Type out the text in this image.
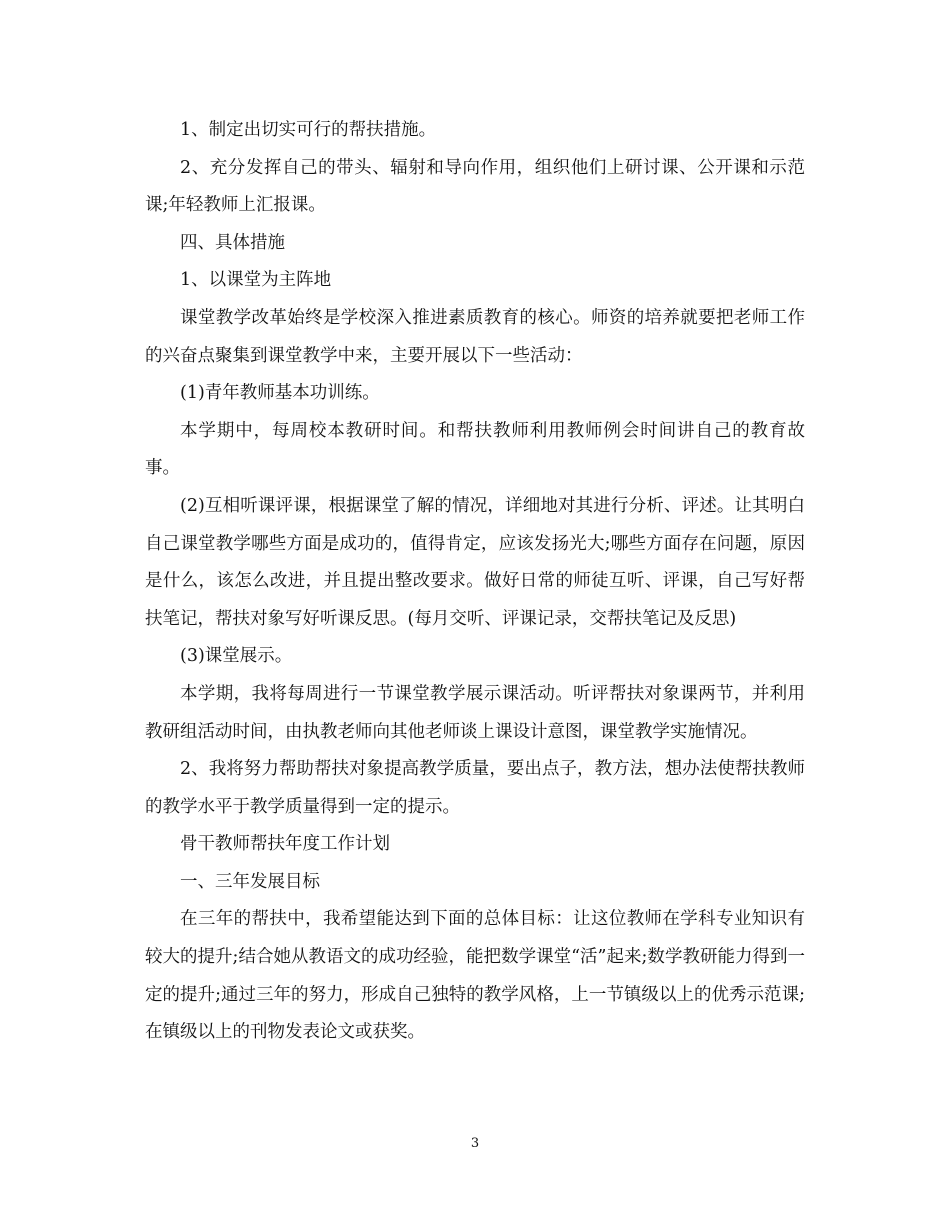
1、制定出切实可行的帮扶措施。

2、充分发挥自己的带头、辐射和导向作用，组织他们上研讨课、公开课和示范课;年轻教师上汇报课。

四、具体措施

1、以课堂为主阵地

课堂教学改革始终是学校深入推进素质教育的核心。师资的培养就要把老师工作的兴奋点聚集到课堂教学中来，主要开展以下一些活动：

(1)青年教师基本功训练。

本学期中，每周校本教研时间。和帮扶教师利用教师例会时间讲自己的教育故事。

(2)互相听课评课，根据课堂了解的情况，详细地对其进行分析、评述。让其明白自己课堂教学哪些方面是成功的，值得肯定，应该发扬光大;哪些方面存在问题，原因是什么，该怎么改进，并且提出整改要求。做好日常的师徒互听、评课，自己写好帮扶笔记，帮扶对象写好听课反思。(每月交听、评课记录，交帮扶笔记及反思)

(3)课堂展示。

本学期，我将每周进行一节课堂教学展示课活动。听评帮扶对象课两节，并利用教研组活动时间，由执教老师向其他老师谈上课设计意图，课堂教学实施情况。

2、我将努力帮助帮扶对象提高教学质量，要出点子，教方法，想办法使帮扶教师的教学水平于教学质量得到一定的提示。

骨干教师帮扶年度工作计划

一、三年发展目标

在三年的帮扶中，我希望能达到下面的总体目标：让这位教师在学科专业知识有较大的提升;结合她从教语文的成功经验，能把数学课堂“活”起来;数学教研能力得到一定的提升;通过三年的努力，形成自己独特的教学风格，上一节镇级以上的优秀示范课;在镇级以上的刊物发表论文或获奖。

3
